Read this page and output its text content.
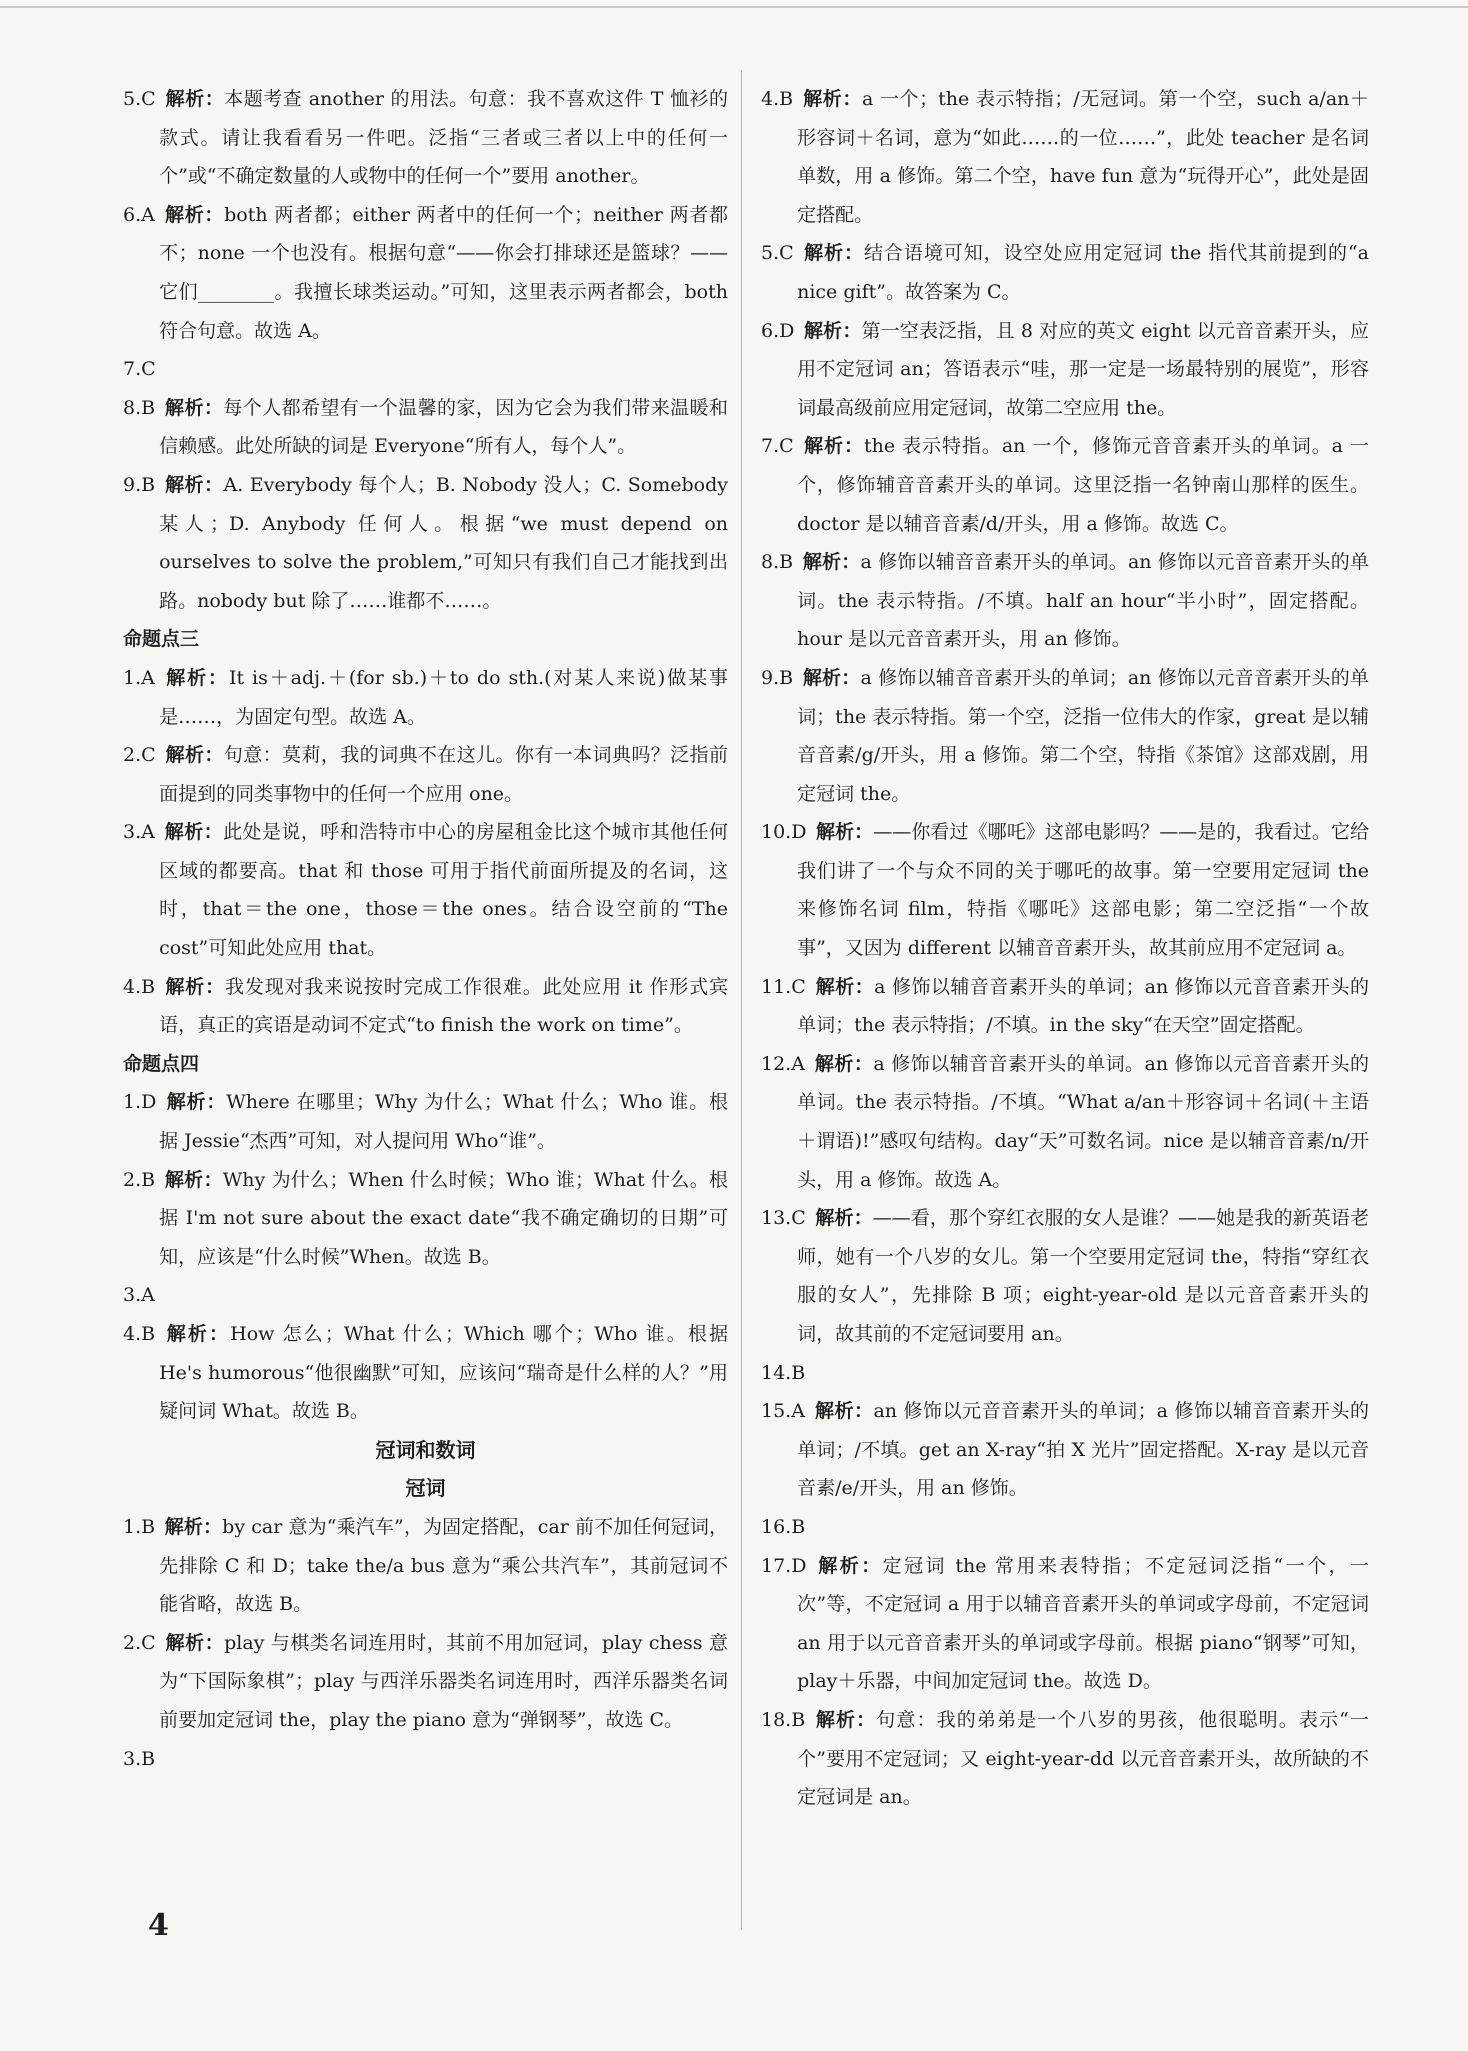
5.C  解析：本题考查 another 的用法。句意：我不喜欢这件 T 恤衫的款式。请让我看看另一件吧。泛指“三者或三者以上中的任何一个”或“不确定数量的人或物中的任何一个”要用 another。

6.A  解析：both 两者都；either 两者中的任何一个；neither 两者都不；none 一个也没有。根据句意“——你会打排球还是篮球？——它们________。我擅长球类运动。”可知，这里表示两者都会，both 符合句意。故选 A。

7.C

8.B  解析：每个人都希望有一个温馨的家，因为它会为我们带来温暖和信赖感。此处所缺的词是 Everyone“所有人，每个人”。

9.B  解析：A. Everybody 每个人；B. Nobody 没人；C. Somebody 某人；D. Anybody 任何人。根据“we must depend on ourselves to solve the problem,”可知只有我们自己才能找到出路。nobody but 除了……谁都不……。

命题点三

1.A  解析：It is＋adj.＋(for sb.)＋to do sth.(对某人来说)做某事是……，为固定句型。故选 A。

2.C  解析：句意：莫莉，我的词典不在这儿。你有一本词典吗？泛指前面提到的同类事物中的任何一个应用 one。

3.A  解析：此处是说，呼和浩特市中心的房屋租金比这个城市其他任何区域的都要高。that 和 those 可用于指代前面所提及的名词，这时，that＝the one，those＝the ones。结合设空前的“The cost”可知此处应用 that。

4.B  解析：我发现对我来说按时完成工作很难。此处应用 it 作形式宾语，真正的宾语是动词不定式“to finish the work on time”。

命题点四

1.D  解析：Where 在哪里；Why 为什么；What 什么；Who 谁。根据 Jessie“杰西”可知，对人提问用 Who“谁”。

2.B  解析：Why 为什么；When 什么时候；Who 谁；What 什么。根据 I'm not sure about the exact date“我不确定确切的日期”可知，应该是“什么时候”When。故选 B。

3.A

4.B  解析：How 怎么；What 什么；Which 哪个；Who 谁。根据 He's humorous“他很幽默”可知，应该问“瑞奇是什么样的人？”用疑问词 What。故选 B。

冠词和数词

冠词

1.B  解析：by car 意为“乘汽车”，为固定搭配，car 前不加任何冠词，先排除 C 和 D；take the/a bus 意为“乘公共汽车”，其前冠词不能省略，故选 B。

2.C  解析：play 与棋类名词连用时，其前不用加冠词，play chess 意为“下国际象棋”；play 与西洋乐器类名词连用时，西洋乐器类名词前要加定冠词 the，play the piano 意为“弹钢琴”，故选 C。

3.B

4.B  解析：a 一个；the 表示特指；/无冠词。第一个空，such a/an＋形容词＋名词，意为“如此……的一位……”，此处 teacher 是名词单数，用 a 修饰。第二个空，have fun 意为“玩得开心”，此处是固定搭配。

5.C  解析：结合语境可知，设空处应用定冠词 the 指代其前提到的“a nice gift”。故答案为 C。

6.D  解析：第一空表泛指，且 8 对应的英文 eight 以元音音素开头，应用不定冠词 an；答语表示“哇，那一定是一场最特别的展览”，形容词最高级前应用定冠词，故第二空应用 the。

7.C  解析：the 表示特指。an 一个，修饰元音音素开头的单词。a 一个，修饰辅音音素开头的单词。这里泛指一名钟南山那样的医生。doctor 是以辅音音素/d/开头，用 a 修饰。故选 C。

8.B  解析：a 修饰以辅音音素开头的单词。an 修饰以元音音素开头的单词。the 表示特指。/不填。half an hour“半小时”，固定搭配。hour 是以元音音素开头，用 an 修饰。

9.B  解析：a 修饰以辅音音素开头的单词；an 修饰以元音音素开头的单词；the 表示特指。第一个空，泛指一位伟大的作家，great 是以辅音音素/g/开头，用 a 修饰。第二个空，特指《茶馆》这部戏剧，用定冠词 the。

10.D  解析：——你看过《哪吒》这部电影吗？——是的，我看过。它给我们讲了一个与众不同的关于哪吒的故事。第一空要用定冠词 the 来修饰名词 film，特指《哪吒》这部电影；第二空泛指“一个故事”，又因为 different 以辅音音素开头，故其前应用不定冠词 a。

11.C  解析：a 修饰以辅音音素开头的单词；an 修饰以元音音素开头的单词；the 表示特指；/不填。in the sky“在天空”固定搭配。

12.A  解析：a 修饰以辅音音素开头的单词。an 修饰以元音音素开头的单词。the 表示特指。/不填。“What a/an＋形容词＋名词(＋主语＋谓语)!”感叹句结构。day“天”可数名词。nice 是以辅音音素/n/开头，用 a 修饰。故选 A。

13.C  解析：——看，那个穿红衣服的女人是谁？——她是我的新英语老师，她有一个八岁的女儿。第一个空要用定冠词 the，特指“穿红衣服的女人”，先排除 B 项；eight-year-old 是以元音音素开头的词，故其前的不定冠词要用 an。

14.B

15.A  解析：an 修饰以元音音素开头的单词；a 修饰以辅音音素开头的单词；/不填。get an X-ray“拍 X 光片”固定搭配。X-ray 是以元音音素/e/开头，用 an 修饰。

16.B

17.D  解析：定冠词 the 常用来表特指；不定冠词泛指“一个，一次”等，不定冠词 a 用于以辅音音素开头的单词或字母前，不定冠词 an 用于以元音音素开头的单词或字母前。根据 piano“钢琴”可知，play＋乐器，中间加定冠词 the。故选 D。

18.B  解析：句意：我的弟弟是一个八岁的男孩，他很聪明。表示“一个”要用不定冠词；又 eight-year-dd 以元音音素开头，故所缺的不定冠词是 an。

4
